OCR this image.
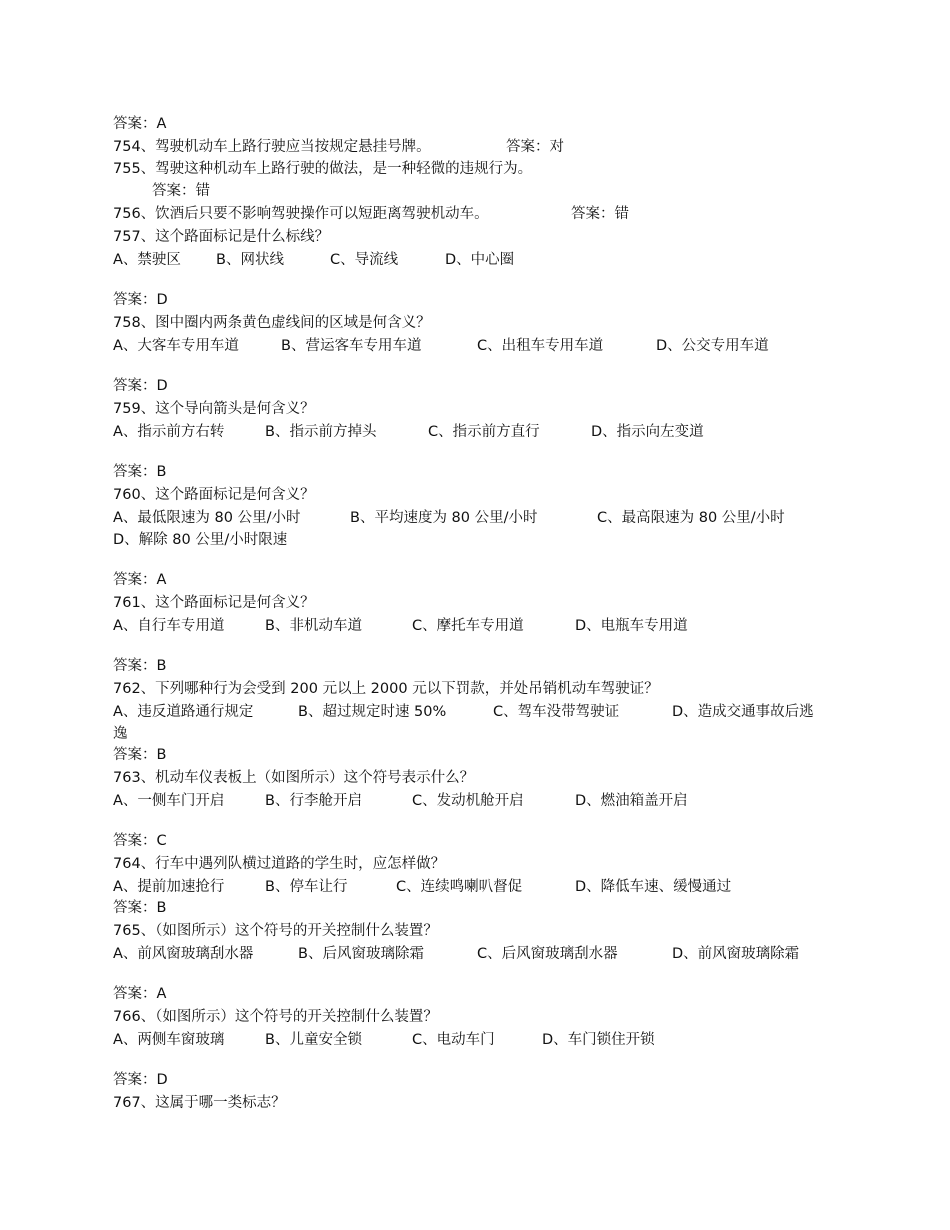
答案：A

754、驾驶机动车上路行驶应当按规定悬挂号牌。

	答案：对

755、驾驶这种机动车上路行驶的做法，是一种轻微的违规行为。
答案：错

756、饮酒后只要不影响驾驶操作可以短距离驾驶机动车。

	答案：错

757、这个路面标记是什么标线？

A、禁驶区

B、网状线

	C、导流线

	D、中心圈

答案：D
758、图中圈内两条黄色虚线间的区域是何含义？

A、大客车专用车道

	B、营运客车专用车道

	C、出租车专用车道

	D、公交专用车道

答案：D
759、这个导向箭头是何含义？

A、指示前方右转

	B、指示前方掉头

	C、指示前方直行

	D、指示向左变道

答案：B
760、这个路面标记是何含义？

A、最低限速为 80 公里/小时

	B、平均速度为 80 公里/小时

	C、最高限速为 80 公里/小时

D、解除 80 公里/小时限速
答案：A
761、这个路面标记是何含义？

A、自行车专用道

	B、非机动车道

	C、摩托车专用道

	D、电瓶车专用道

答案：B
762、下列哪种行为会受到 200 元以上 2000 元以下罚款，并处吊销机动车驾驶证？

A、违反道路通行规定

	B、超过规定时速 50%

	C、驾车没带驾驶证

	D、造成交通事故后逃

逸
答案：B
763、机动车仪表板上（如图所示）这个符号表示什么？

A、一侧车门开启

	B、行李舱开启

	C、发动机舱开启

	D、燃油箱盖开启

答案：C
764、行车中遇列队横过道路的学生时，应怎样做？

A、提前加速抢行

	B、停车让行

	C、连续鸣喇叭督促

	D、降低车速、缓慢通过

答案：B
765、（如图所示）这个符号的开关控制什么装置？

A、前风窗玻璃刮水器

	B、后风窗玻璃除霜

	C、后风窗玻璃刮水器

	D、前风窗玻璃除霜

答案：A
766、（如图所示）这个符号的开关控制什么装置？

A、两侧车窗玻璃

	B、儿童安全锁

	C、电动车门

	D、车门锁住开锁

答案：D
767、这属于哪一类标志？
